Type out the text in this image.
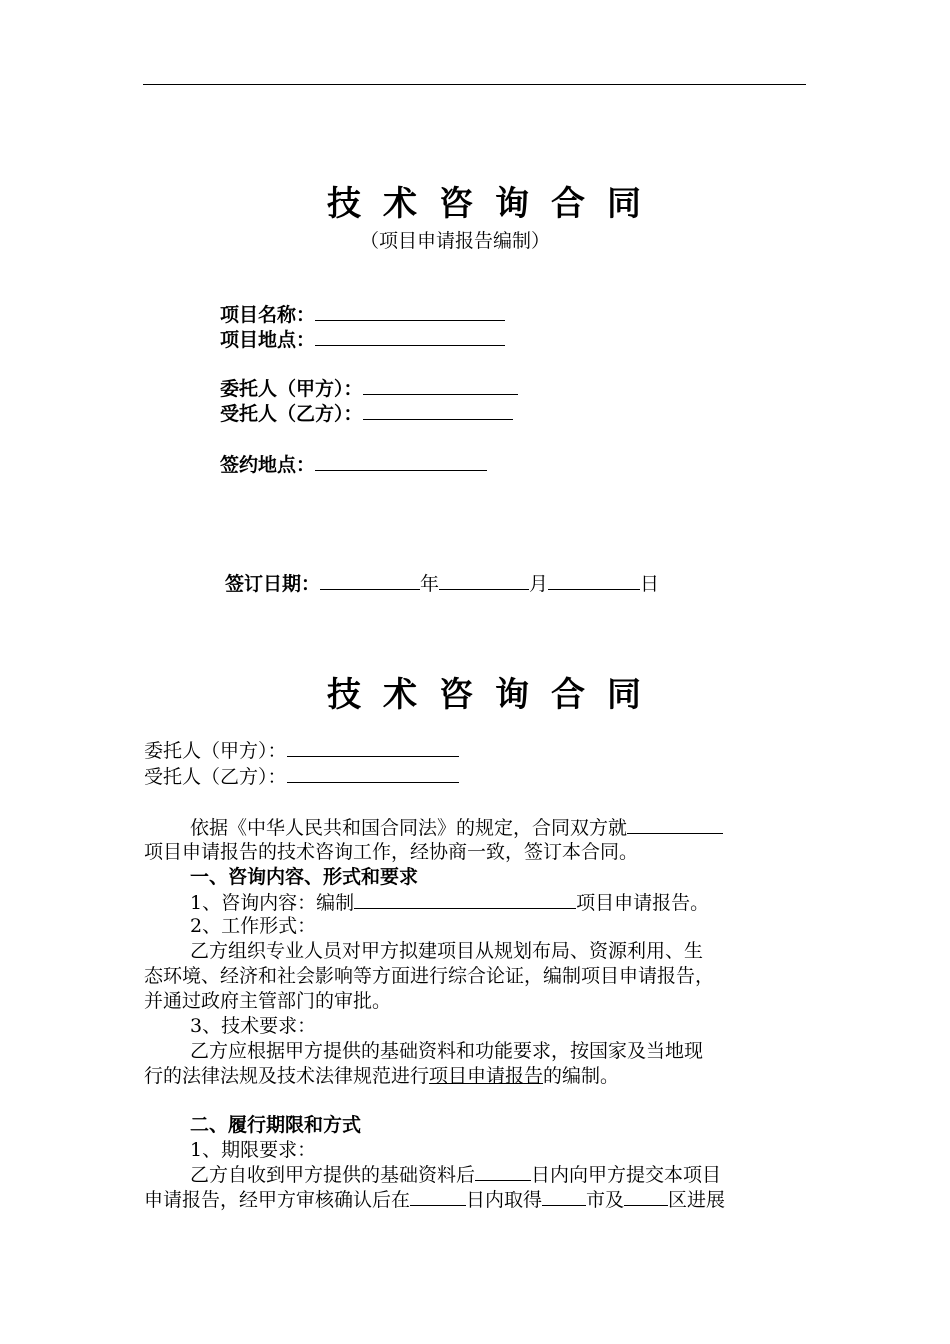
技术咨询合同
（项目申请报告编制）
项目名称：
项目地点：
委托人（甲方）：
受托人（乙方）：
签约地点：
签订日期：	年	月	日
技术咨询合同
委托人（甲方）：
受托人（乙方）：
依据《中华人民共和国合同法》的规定，合同双方就
项目申请报告的技术咨询工作，经协商一致，签订本合同。
一、咨询内容、形式和要求
1、咨询内容：编制	项目申请报告。
2、工作形式：
乙方组织专业人员对甲方拟建项目从规划布局、资源利用、生
态环境、经济和社会影响等方面进行综合论证，编制项目申请报告，
并通过政府主管部门的审批。
3、技术要求：
乙方应根据甲方提供的基础资料和功能要求，按国家及当地现
行的法律法规及技术法律规范进行项目申请报告的编制。
二、履行期限和方式
1、期限要求：
乙方自收到甲方提供的基础资料后	日内向甲方提交本项目
申请报告，经甲方审核确认后在	日内取得 市及 区进展
